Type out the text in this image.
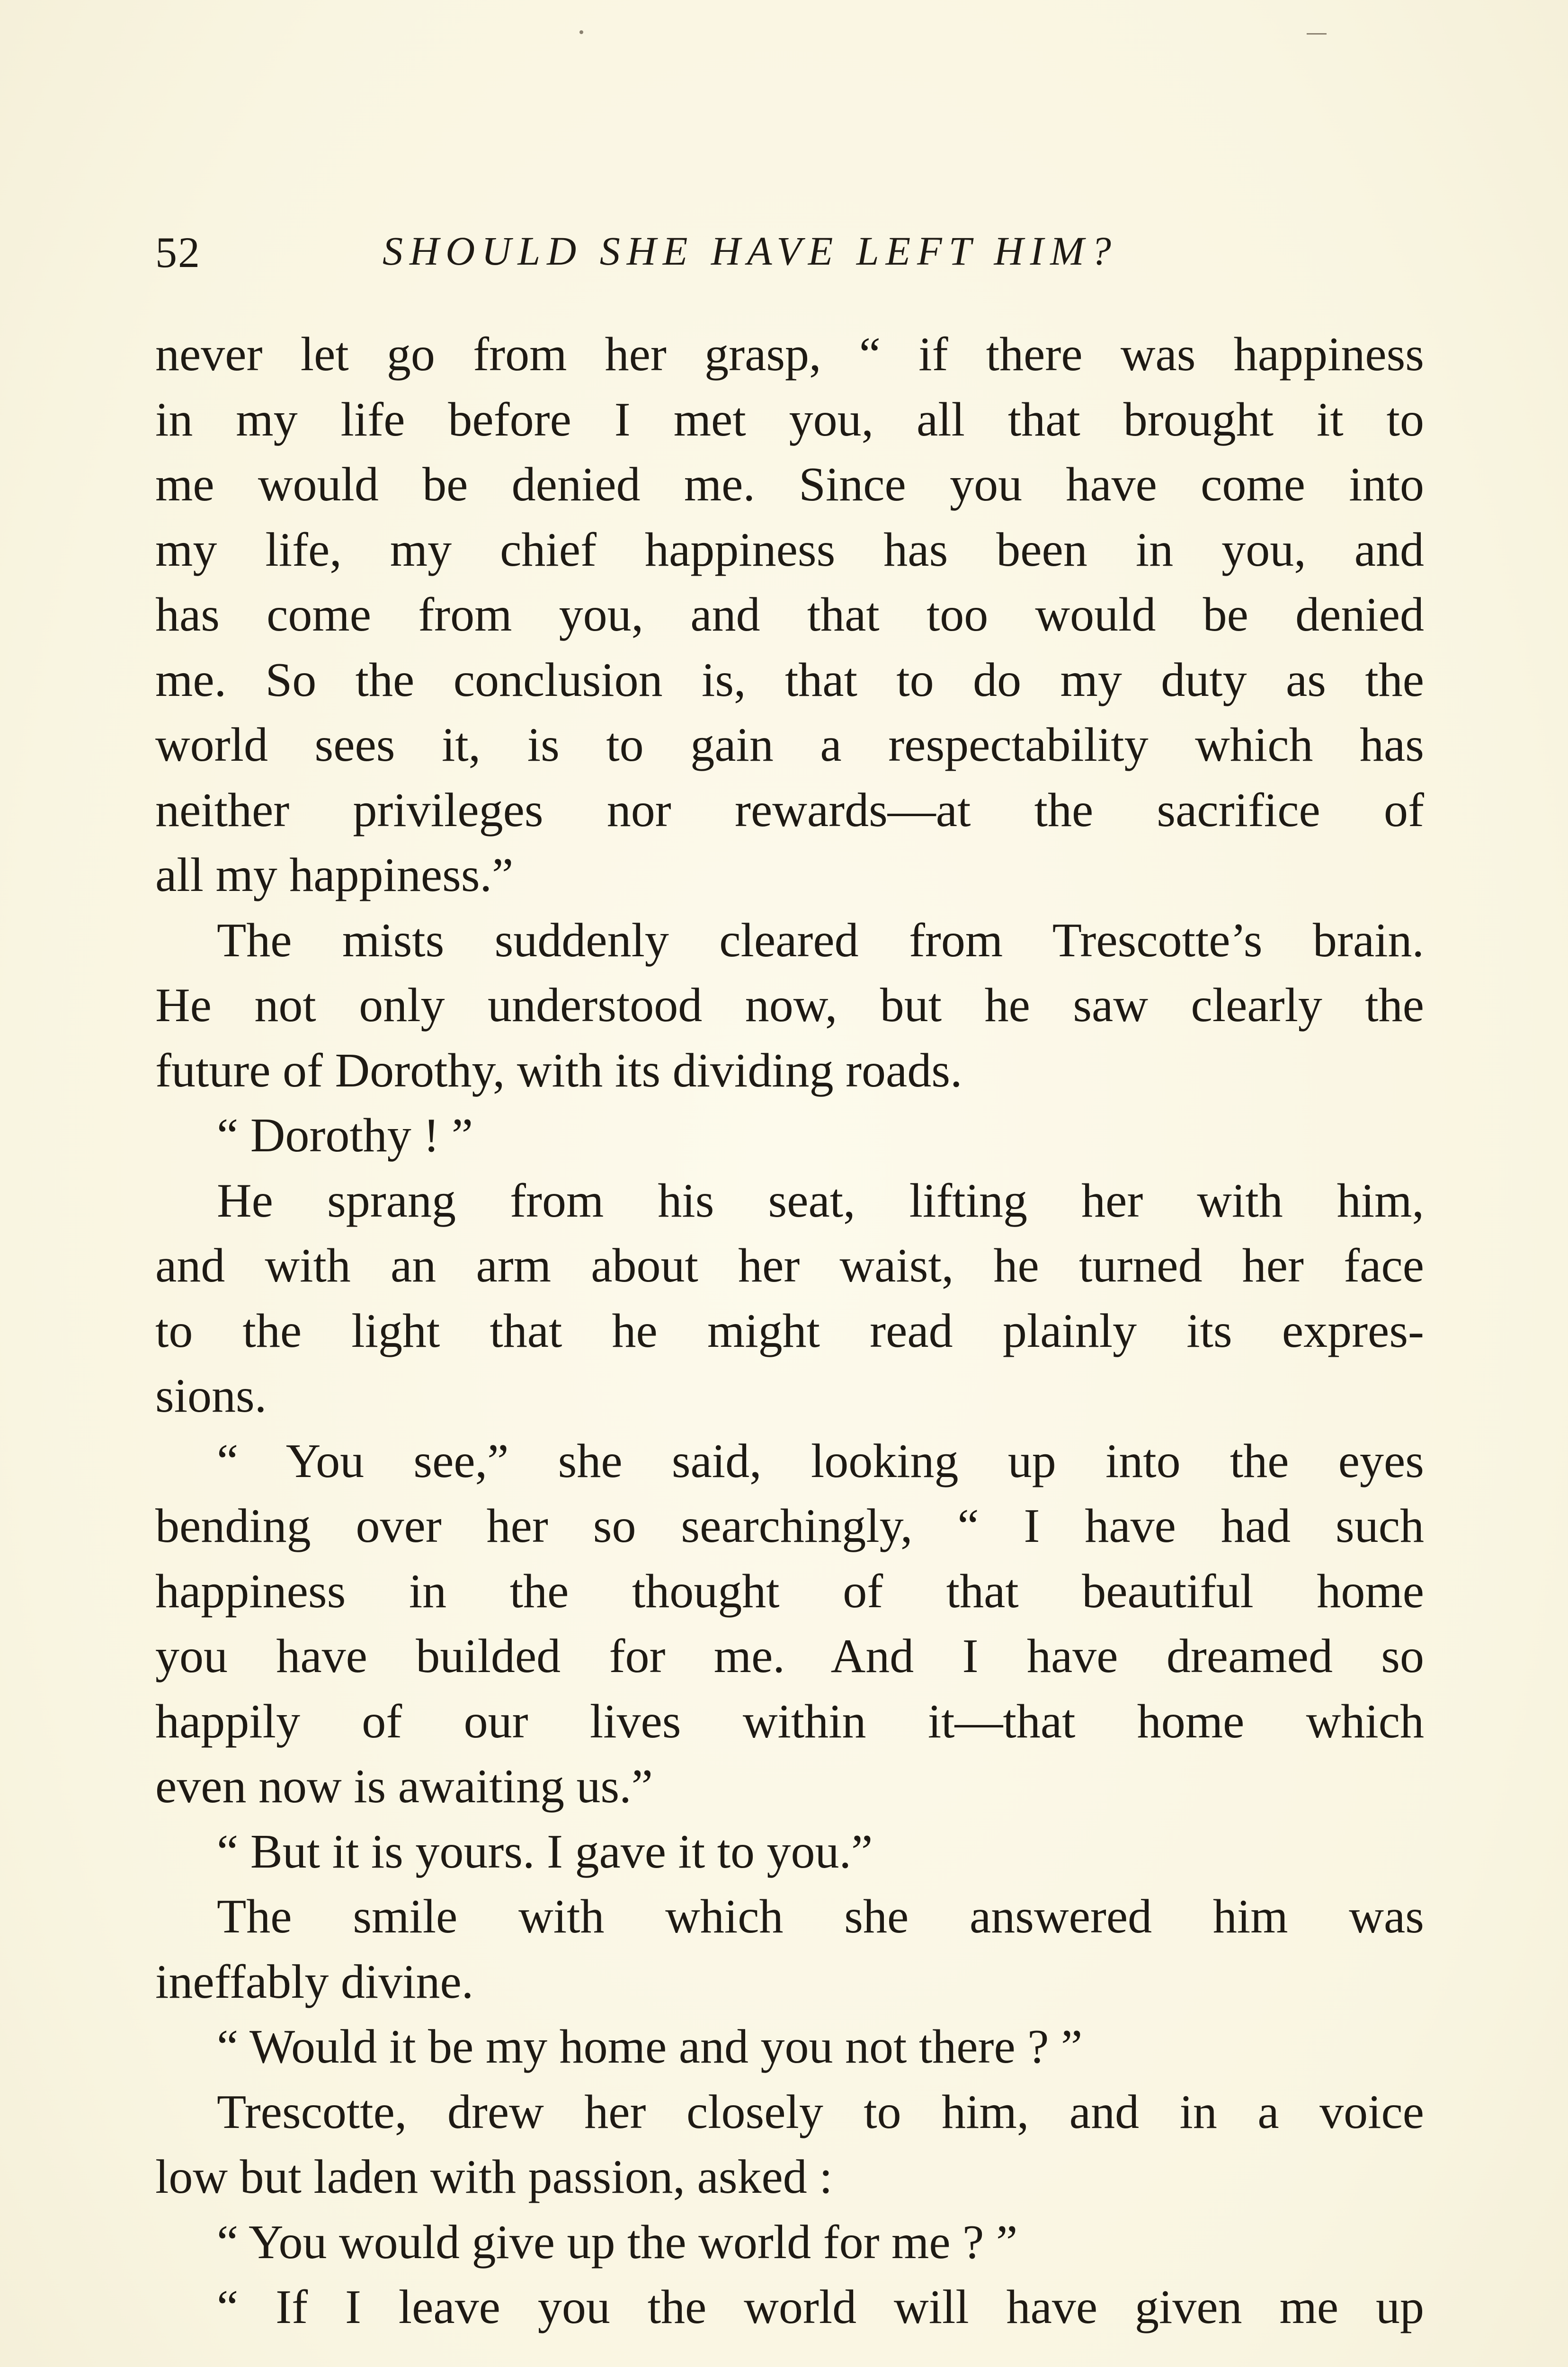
52	SHOULD SHE HAVE LEFT HIM?
never let go from her grasp, “ if there was happiness
in my life before I met you, all that brought it to
me would be denied me. Since you have come into
my life, my chief happiness has been in you, and
has come from you, and that too would be denied
me. So the conclusion is, that to do my duty as the
world sees it, is to gain a respectability which has
neither privileges nor rewards—at the sacrifice of
all my happiness.”
The mists suddenly cleared from Trescotte’s brain.
He not only understood now, but he saw clearly the
future of Dorothy, with its dividing roads.
“ Dorothy ! ”
He sprang from his seat, lifting her with him,
and with an arm about her waist, he turned her face
to the light that he might read plainly its expres-
sions.
“ You see,” she said, looking up into the eyes
bending over her so searchingly, “ I have had such
happiness in the thought of that beautiful home
you have builded for me. And I have dreamed so
happily of our lives within it—that home which
even now is awaiting us.”
“ But it is yours. I gave it to you.”
The smile with which she answered him was
ineffably divine.
“ Would it be my home and you not there ? ”
Trescotte, drew her closely to him, and in a voice
low but laden with passion, asked :
“ You would give up the world for me ? ”
“ If I leave you the world will have given me up
